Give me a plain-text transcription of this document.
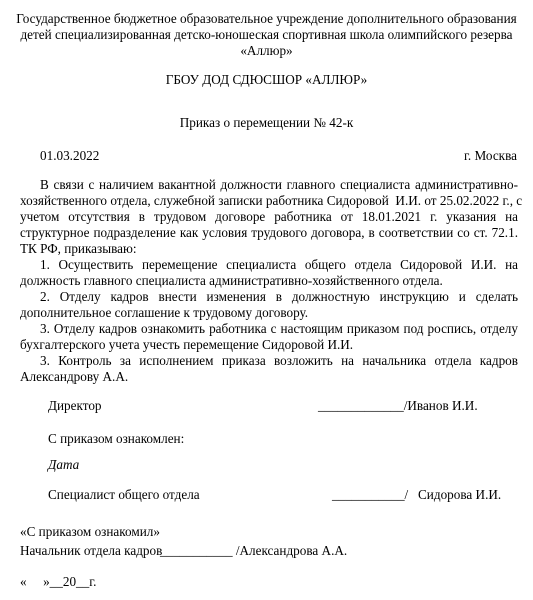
Государственное бюджетное образовательное учреждение дополнительного образования
детей специализированная детско-юношеская спортивная школа олимпийского резерва
«Аллюр»
ГБОУ ДОД СДЮСШОР «АЛЛЮР»
Приказ о перемещении № 42-к
01.03.2022	г. Москва
В связи с наличием вакантной должности главного специалиста административно-
хозяйственного отдела, служебной записки работника Сидоровой  И.И. от 25.02.2022 г., с
учетом отсутствия в трудовом договоре работника от 18.01.2021 г. указания на
структурное подразделение как условия трудового договора, в соответствии со ст. 72.1.
ТК РФ, приказываю:
1. Осуществить перемещение специалиста общего отдела Сидоровой И.И. на
должность главного специалиста административно-хозяйственного отдела.
2. Отделу кадров внести изменения в должностную инструкцию и сделать
дополнительное соглашение к трудовому договору.
3. Отделу кадров ознакомить работника с настоящим приказом под роспись, отделу
бухгалтерского учета учесть перемещение Сидоровой И.И.
3. Контроль за исполнением приказа возложить на начальника отдела кадров
Александрову А.А.
Директор	_____________/Иванов И.И.
С приказом ознакомлен:
Дата
Специалист общего отдела	___________/ Сидорова И.И.
«С приказом ознакомил»
Начальник отдела кадров
___________ /Александрова А.А.
«     »__20__г.
